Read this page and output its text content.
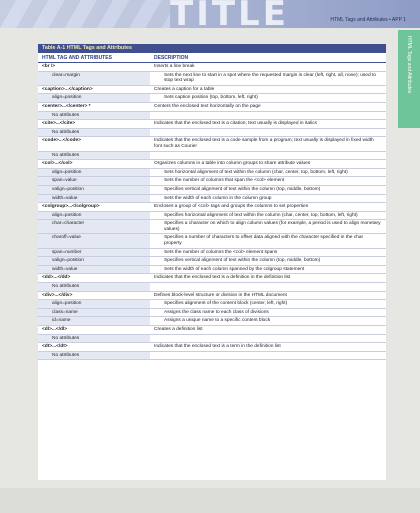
TITLE	HTML Tags and Attributes • APP 1
HTML Tags and Attributes
Table A-1 HTML Tags and Attributes
HTML TAG AND ATTRIBUTES	DESCRIPTION
<br />	Inserts a line break
clear=margin	Sets the next line to start in a spot where the requested margin is clear (left, right, all, none); used to stop text wrap
<caption>...</caption>	Creates a caption for a table
align=position	Sets caption position (top, bottom, left, right)
<center>...</center> *	Centers the enclosed text horizontally on the page
No attributes	
<cite>...</cite>	Indicates that the enclosed text is a citation; text usually is displayed in italics
No attributes	
<code>...</code>	Indicates that the enclosed text is a code sample from a program; text usually is displayed in fixed width font such as Courier
No attributes	
<col>...</col>	Organizes columns in a table into column groups to share attribute values
align=position	Sets horizontal alignment of text within the column (char, center, top, bottom, left, right)
span=value	Sets the number of columns that span the <col> element
valign=position	Specifies vertical alignment of text within the column (top, middle, bottom)
width=value	Sets the width of each column in the column group
<colgroup>...</colgroup>	Encloses a group of <col> tags and groups the columns to set properties
align=position	Specifies horizontal alignment of text within the column (char, center, top, bottom, left, right)
char=character	Specifies a character on which to align column values (for example, a period is used to align monetary values)
charoff=value	Specifies a number of characters to offset data aligned with the character specified in the char property
span=number	Sets the number of columns the <col> element spans
valign=position	Specifies vertical alignment of text within the column (top, middle, bottom)
width=value	Sets the width of each column spanned by the colgroup statement
<dd>...</dd>	Indicates that the enclosed text is a definition in the definition list
No attributes	
<div>...</div>	Defines block-level structure or division in the HTML document
align=position	Specifies alignment of the content block (center, left, right)
class=name	Assigns the class name to each class of divisions
id=name	Assigns a unique name to a specific content block
<dl>...</dl>	Creates a definition list
No attributes	
<dt>...</dt>	Indicates that the enclosed text is a term in the definition list
No attributes	
